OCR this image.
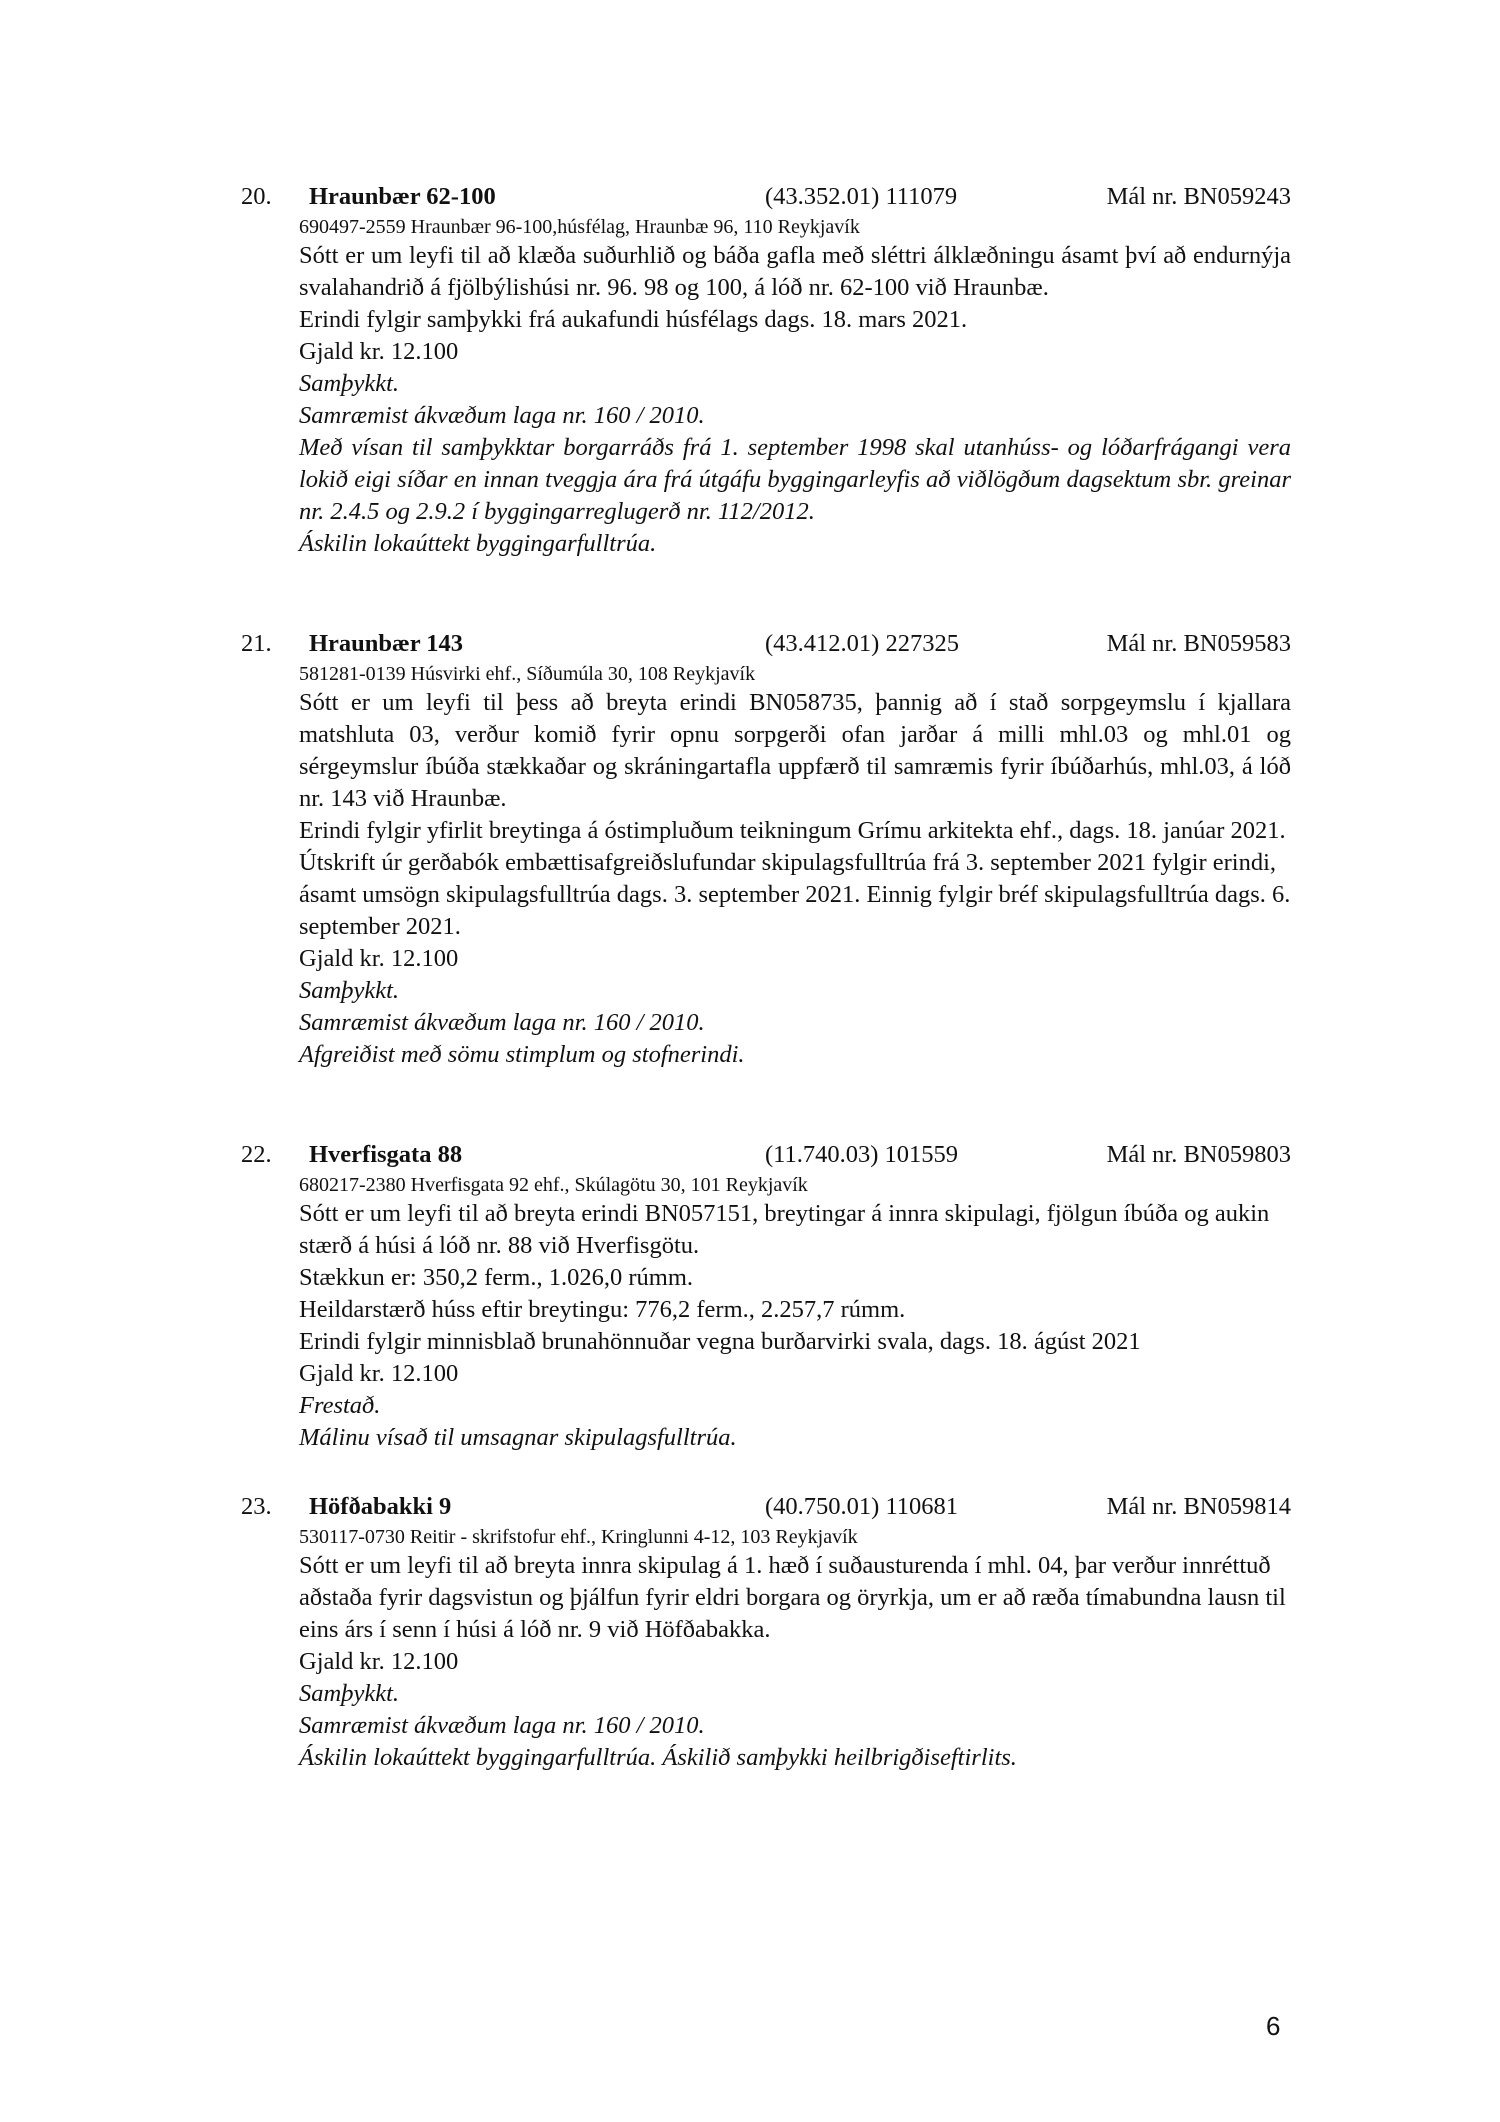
20. Hraunbær 62-100	(43.352.01) 111079	Mál nr. BN059243
690497-2559 Hraunbær 96-100,húsfélag, Hraunbæ 96, 110 Reykjavík
Sótt er um leyfi til að klæða suðurhlið og báða gafla með sléttri álklæðningu ásamt því að endurnýja svalahandrið á fjölbýlishúsi nr. 96. 98 og 100, á lóð nr. 62-100 við Hraunbæ.
Erindi fylgir samþykki frá aukafundi húsfélags dags. 18. mars 2021.
Gjald kr. 12.100
Samþykkt.
Samræmist ákvæðum laga nr. 160 / 2010.
Með vísan til samþykktar borgarráðs frá 1. september 1998 skal utanhúss- og lóðarfrágangi vera lokið eigi síðar en innan tveggja ára frá útgáfu byggingarleyfis að viðlögðum dagsektum sbr. greinar nr. 2.4.5 og 2.9.2 í byggingarreglugerð nr. 112/2012.
Áskilin lokaúttekt byggingarfulltrúa.
21. Hraunbær 143	(43.412.01) 227325	Mál nr. BN059583
581281-0139 Húsvirki ehf., Síðumúla 30, 108 Reykjavík
Sótt er um leyfi til þess að breyta erindi BN058735, þannig að í stað sorpgeymslu í kjallara matshluta 03, verður komið fyrir opnu sorpgerði ofan jarðar á milli mhl.03 og mhl.01 og sérgeymslur íbúða stækkaðar og skráningartafla uppfærð til samræmis fyrir íbúðarhús, mhl.03, á lóð nr. 143 við Hraunbæ.
Erindi fylgir yfirlit breytinga á óstimpluðum teikningum Grímu arkitekta ehf., dags. 18. janúar 2021.
Útskrift úr gerðabók embættisafgreiðslufundar skipulagsfulltrúa frá 3. september 2021 fylgir erindi, ásamt umsögn skipulagsfulltrúa dags. 3. september 2021. Einnig fylgir bréf skipulagsfulltrúa dags. 6. september 2021.
Gjald kr. 12.100
Samþykkt.
Samræmist ákvæðum laga nr. 160 / 2010.
Afgreiðist með sömu stimplum og stofnerindi.
22. Hverfisgata 88	(11.740.03) 101559	Mál nr. BN059803
680217-2380 Hverfisgata 92 ehf., Skúlagötu 30, 101 Reykjavík
Sótt er um leyfi til að breyta erindi BN057151, breytingar á innra skipulagi, fjölgun íbúða og aukin stærð á húsi á lóð nr. 88 við Hverfisgötu.
Stækkun er: 350,2 ferm., 1.026,0 rúmm.
Heildarstærð húss eftir breytingu: 776,2 ferm., 2.257,7 rúmm.
Erindi fylgir minnisblað brunahönnuðar vegna burðarvirki svala, dags. 18. ágúst 2021
Gjald kr. 12.100
Frestað.
Málinu vísað til umsagnar skipulagsfulltrúa.
23. Höfðabakki 9	(40.750.01) 110681	Mál nr. BN059814
530117-0730 Reitir - skrifstofur ehf., Kringlunni 4-12, 103 Reykjavík
Sótt er um leyfi til að breyta innra skipulag á 1. hæð í suðausturenda í mhl. 04, þar verður innréttuð aðstaða fyrir dagsvistun og þjálfun fyrir eldri borgara og öryrkja, um er að ræða tímabundna lausn til eins árs í senn í húsi á lóð nr. 9 við Höfðabakka.
Gjald kr. 12.100
Samþykkt.
Samræmist ákvæðum laga nr. 160 / 2010.
Áskilin lokaúttekt byggingarfulltrúa. Áskilið samþykki heilbrigðiseftirlits.
6
